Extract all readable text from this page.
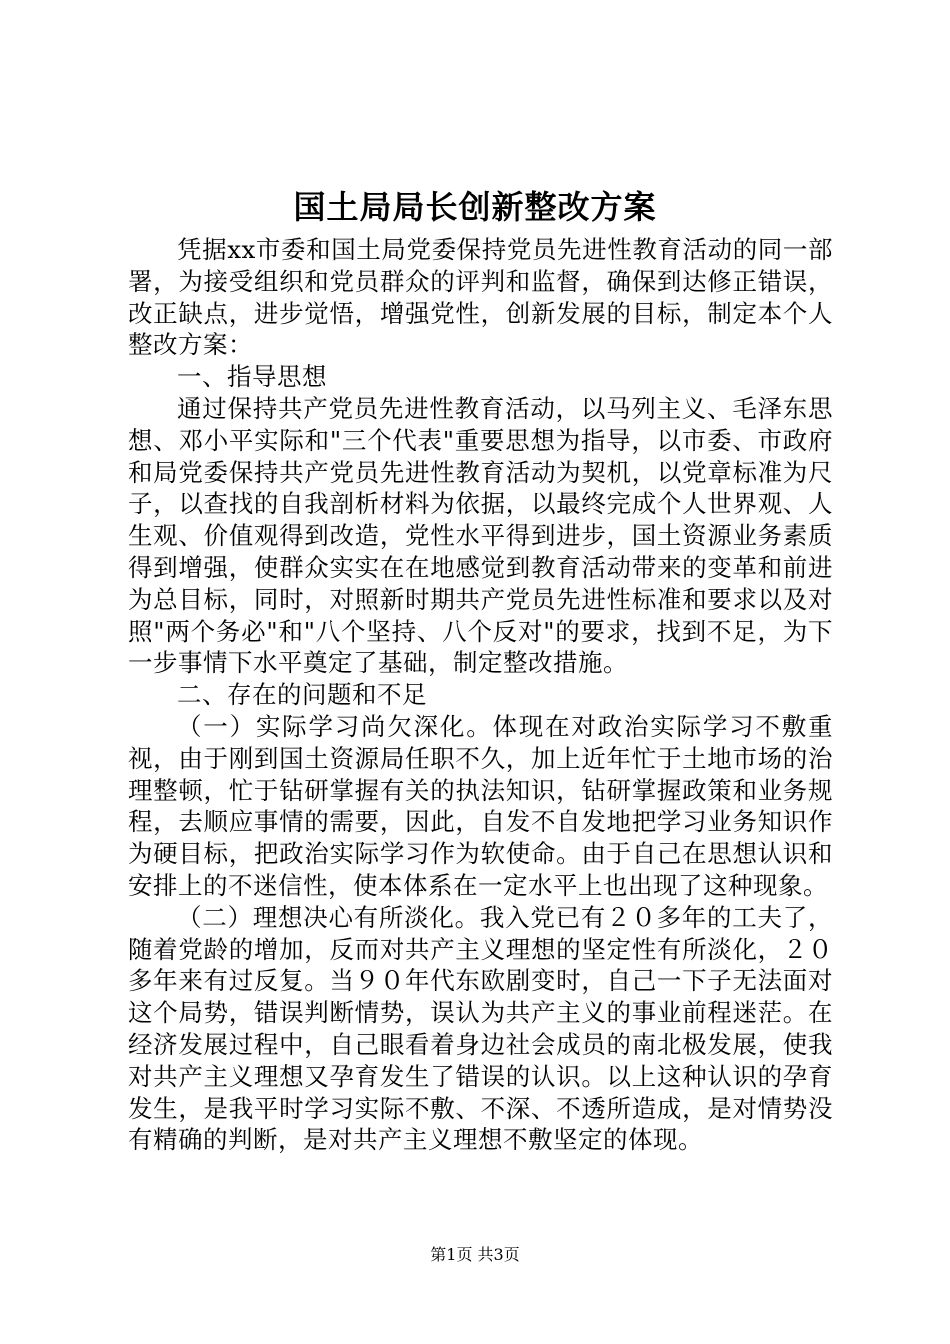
国土局局长创新整改方案

凭据xx市委和国土局党委保持党员先进性教育活动的同一部署，为接受组织和党员群众的评判和监督，确保到达修正错误，改正缺点，进步觉悟，增强党性，创新发展的目标，制定本个人整改方案：

一、指导思想

通过保持共产党员先进性教育活动，以马列主义、毛泽东思想、邓小平实际和"三个代表"重要思想为指导，以市委、市政府和局党委保持共产党员先进性教育活动为契机，以党章标准为尺子，以查找的自我剖析材料为依据，以最终完成个人世界观、人生观、价值观得到改造，党性水平得到进步，国土资源业务素质得到增强，使群众实实在在地感觉到教育活动带来的变革和前进为总目标，同时，对照新时期共产党员先进性标准和要求以及对照"两个务必"和"八个坚持、八个反对"的要求，找到不足，为下一步事情下水平奠定了基础，制定整改措施。

二、存在的问题和不足

（一）实际学习尚欠深化。体现在对政治实际学习不敷重视，由于刚到国土资源局任职不久，加上近年忙于土地市场的治理整顿，忙于钻研掌握有关的执法知识，钻研掌握政策和业务规程，去顺应事情的需要，因此，自发不自发地把学习业务知识作为硬目标，把政治实际学习作为软使命。由于自己在思想认识和安排上的不迷信性，使本体系在一定水平上也出现了这种现象。

（二）理想决心有所淡化。我入党已有２０多年的工夫了，随着党龄的增加，反而对共产主义理想的坚定性有所淡化，２０多年来有过反复。当９０年代东欧剧变时，自己一下子无法面对这个局势，错误判断情势，误认为共产主义的事业前程迷茫。在经济发展过程中，自己眼看着身边社会成员的南北极发展，使我对共产主义理想又孕育发生了错误的认识。以上这种认识的孕育发生，是我平时学习实际不敷、不深、不透所造成，是对情势没有精确的判断，是对共产主义理想不敷坚定的体现。

第1页 共3页
